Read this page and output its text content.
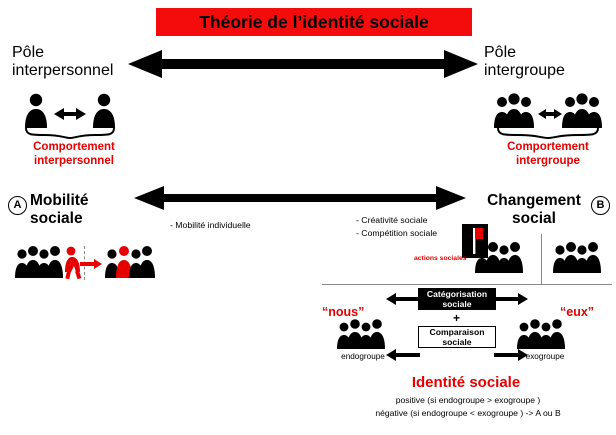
Théorie de l’identité sociale
Pôle
interpersonnel
Pôle
intergroupe
Comportement
interpersonnel
Comportement
intergroupe
A Mobilité
sociale
B
Changement
social
- Mobilité individuelle	- Créativité sociale
- Compétition sociale
actions sociales
Catégorisation
sociale
+
Comparaison
sociale
“nous”
endogroupe
“eux”
exogroupe
Identité sociale
positive (si endogroupe > exogroupe )
négative (si endogroupe < exogroupe ) -> A ou B
